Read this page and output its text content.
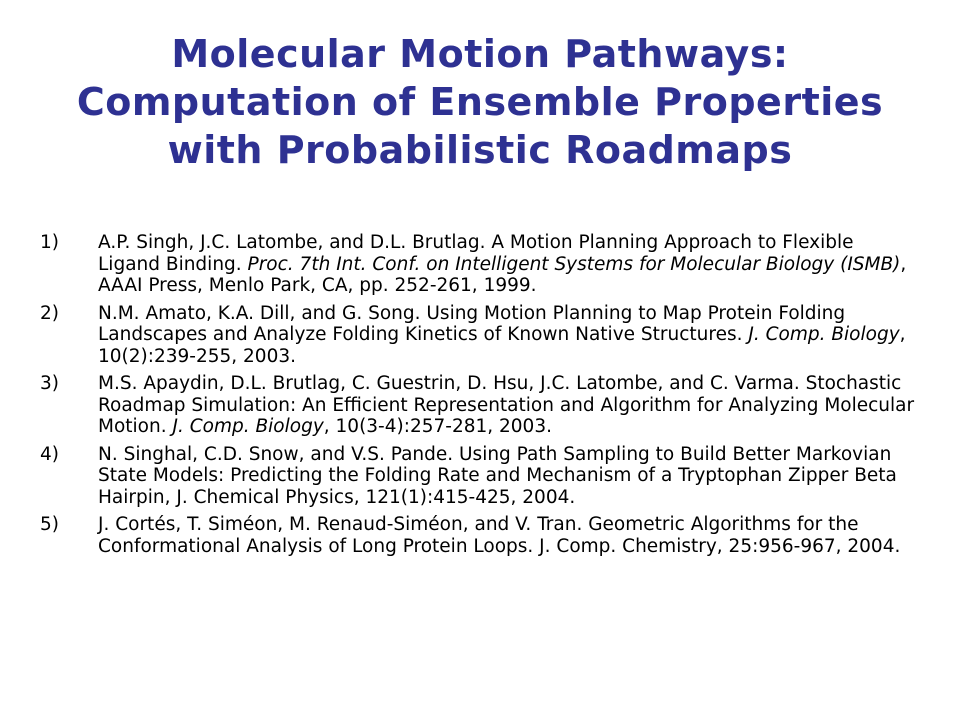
Molecular Motion Pathways:
Computation of Ensemble Properties
with Probabilistic Roadmaps
1)	A.P. Singh, J.C. Latombe, and D.L. Brutlag. A Motion Planning Approach to Flexible Ligand Binding. Proc. 7th Int. Conf. on Intelligent Systems for Molecular Biology (ISMB), AAAI Press, Menlo Park, CA, pp. 252-261, 1999.
2)	N.M. Amato, K.A. Dill, and G. Song. Using Motion Planning to Map Protein Folding Landscapes and Analyze Folding Kinetics of Known Native Structures. J. Comp. Biology, 10(2):239-255, 2003.
3)	M.S. Apaydin, D.L. Brutlag, C. Guestrin, D. Hsu, J.C. Latombe, and C. Varma. Stochastic Roadmap Simulation: An Efficient Representation and Algorithm for Analyzing Molecular Motion. J. Comp. Biology, 10(3-4):257-281, 2003.
4)	N. Singhal, C.D. Snow, and V.S. Pande. Using Path Sampling to Build Better Markovian State Models: Predicting the Folding Rate and Mechanism of a Tryptophan Zipper Beta Hairpin, J. Chemical Physics, 121(1):415-425, 2004.
5)	J. Cortés, T. Siméon, M. Renaud-Siméon, and V. Tran. Geometric Algorithms for the Conformational Analysis of Long Protein Loops. J. Comp. Chemistry, 25:956-967, 2004.
